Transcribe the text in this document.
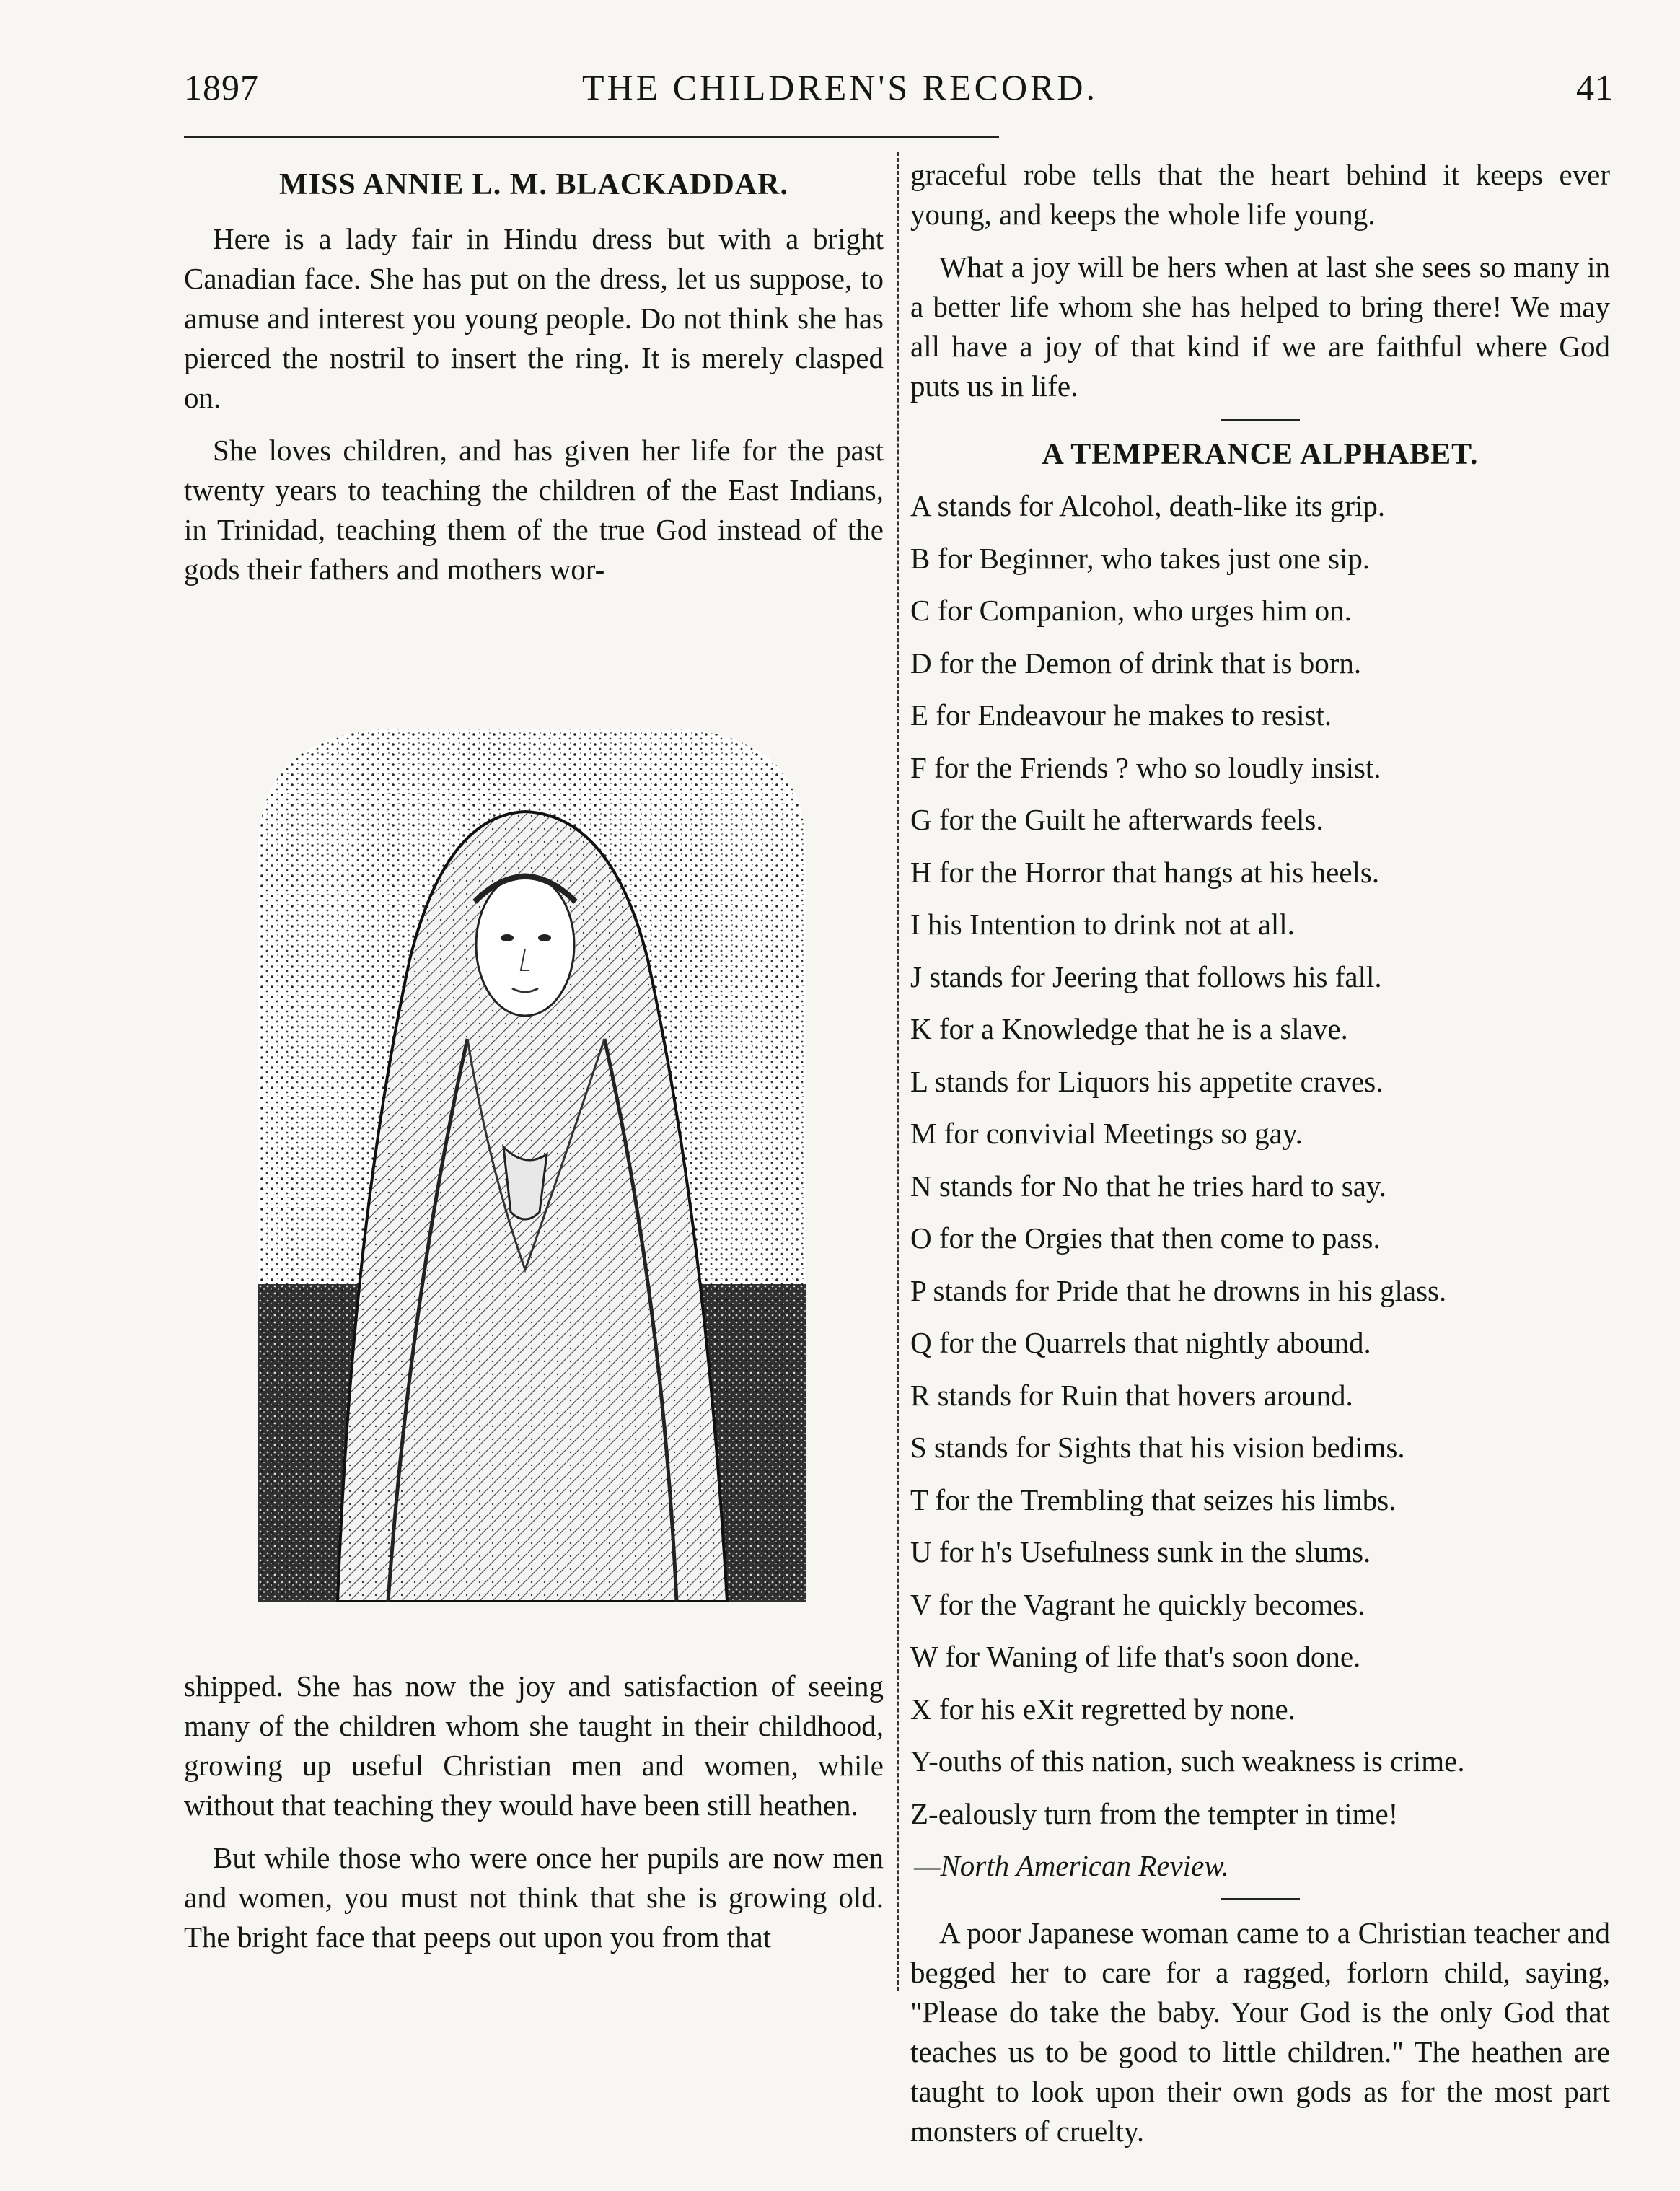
THE CHILDREN'S RECORD.
1897	41
MISS ANNIE L. M. BLACKADDAR.

Here is a lady fair in Hindu dress but with a bright Canadian face. She has put on the dress, let us suppose, to amuse and interest you young people. Do not think she has pierced the nostril to insert the ring. It is merely clasped on.

She loves children, and has given her life for the past twenty years to teaching the children of the East Indians, in Trinidad, teaching them of the true God instead of the gods their fathers and mothers wor-

shipped. She has now the joy and satisfaction of seeing many of the children whom she taught in their childhood, growing up useful Christian men and women, while without that teaching they would have been still heathen.

But while those who were once her pupils are now men and women, you must not think that she is growing old. The bright face that peeps out upon you from that

graceful robe tells that the heart behind it keeps ever young, and keeps the whole life young.

What a joy will be hers when at last she sees so many in a better life whom she has helped to bring there! We may all have a joy of that kind if we are faithful where God puts us in life.

A TEMPERANCE ALPHABET.

A stands for Alcohol, death-like its grip.

B for Beginner, who takes just one sip.

C for Companion, who urges him on.

D for the Demon of drink that is born.

E for Endeavour he makes to resist.

F for the Friends ? who so loudly insist.

G for the Guilt he afterwards feels.

H for the Horror that hangs at his heels.

I his Intention to drink not at all.

J stands for Jeering that follows his fall.

K for a Knowledge that he is a slave.

L stands for Liquors his appetite craves.

M for convivial Meetings so gay.

N stands for No that he tries hard to say.

O for the Orgies that then come to pass.

P stands for Pride that he drowns in his glass.

Q for the Quarrels that nightly abound.

R stands for Ruin that hovers around.

S stands for Sights that his vision bedims.

T for the Trembling that seizes his limbs.

U for h's Usefulness sunk in the slums.

V for the Vagrant he quickly becomes.

W for Waning of life that's soon done.

X for his eXit regretted by none.

Y-ouths of this nation, such weakness is crime.

Z-ealously turn from the tempter in time!

—North American Review.

A poor Japanese woman came to a Christian teacher and begged her to care for a ragged, forlorn child, saying, "Please do take the baby. Your God is the only God that teaches us to be good to little children." The heathen are taught to look upon their own gods as for the most part monsters of cruelty.
